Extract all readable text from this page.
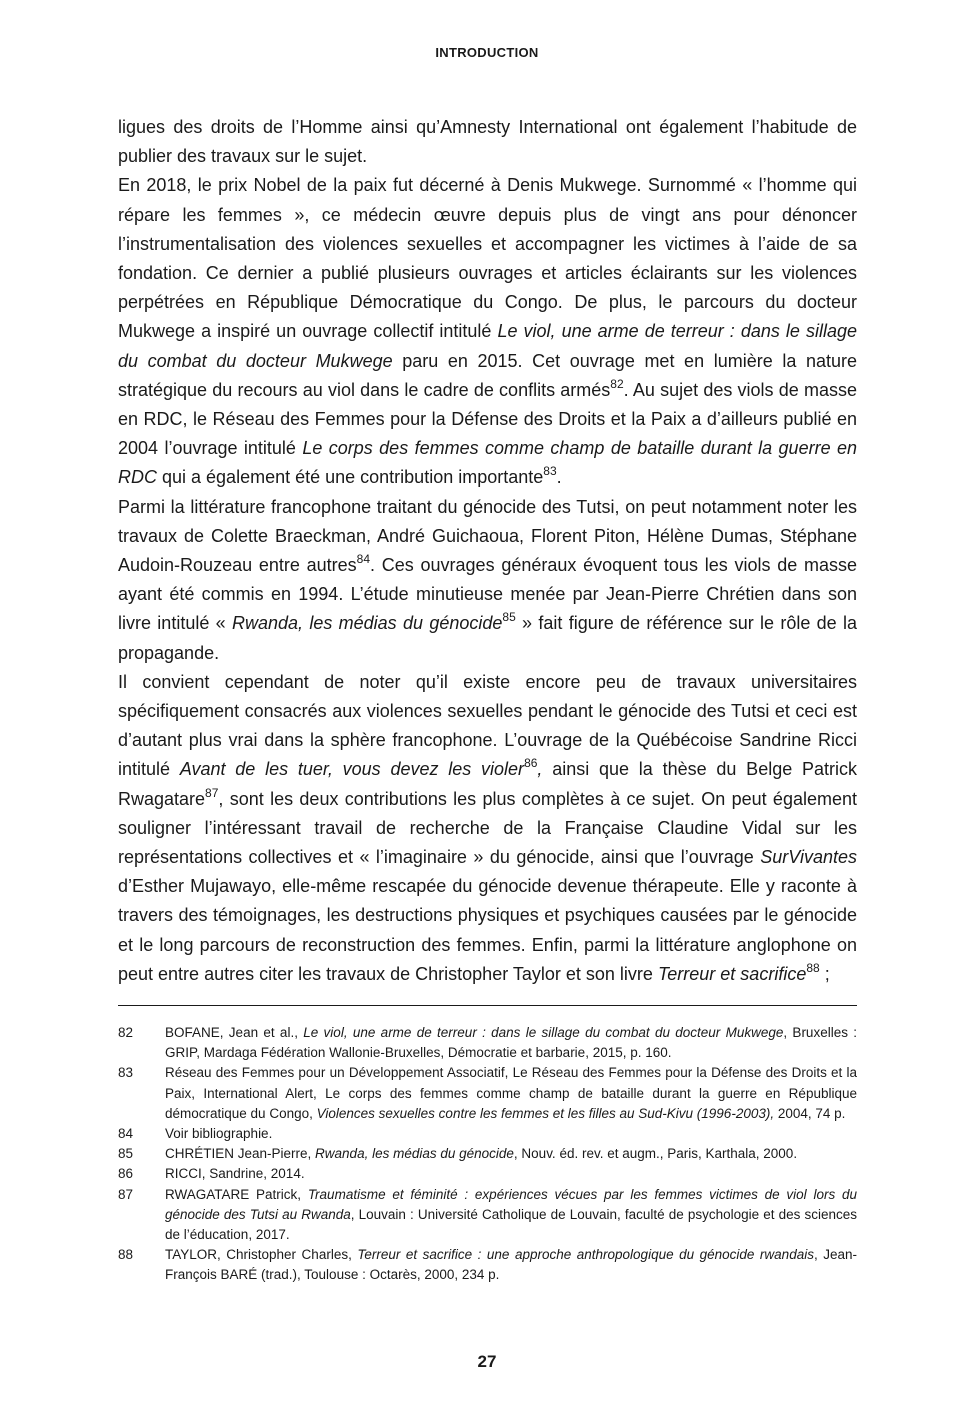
INTRODUCTION

ligues des droits de l’Homme ainsi qu’Amnesty International ont également l’habitude de publier des travaux sur le sujet.

En 2018, le prix Nobel de la paix fut décerné à Denis Mukwege. Surnommé « l’homme qui répare les femmes », ce médecin œuvre depuis plus de vingt ans pour dénoncer l’instrumentalisation des violences sexuelles et accompagner les victimes à l’aide de sa fondation. Ce dernier a publié plusieurs ouvrages et articles éclairants sur les violences perpétrées en République Démocratique du Congo. De plus, le parcours du docteur Mukwege a inspiré un ouvrage collectif intitulé Le viol, une arme de terreur : dans le sillage du combat du docteur Mukwege paru en 2015. Cet ouvrage met en lumière la nature stratégique du recours au viol dans le cadre de conflits armés$^{82}$. Au sujet des viols de masse en RDC, le Réseau des Femmes pour la Défense des Droits et la Paix a d’ailleurs publié en 2004 l’ouvrage intitulé Le corps des femmes comme champ de bataille durant la guerre en RDC qui a également été une contribution importante$^{83}$.

Parmi la littérature francophone traitant du génocide des Tutsi, on peut notamment noter les travaux de Colette Braeckman, André Guichaoua, Florent Piton, Hélène Dumas, Stéphane Audoin-Rouzeau entre autres$^{84}$. Ces ouvrages généraux évoquent tous les viols de masse ayant été commis en 1994. L’étude minutieuse menée par Jean-Pierre Chrétien dans son livre intitulé « Rwanda, les médias du génocide$^{85}$ » fait figure de référence sur le rôle de la propagande.

Il convient cependant de noter qu’il existe encore peu de travaux universitaires spécifiquement consacrés aux violences sexuelles pendant le génocide des Tutsi et ceci est d’autant plus vrai dans la sphère francophone. L’ouvrage de la Québécoise Sandrine Ricci intitulé Avant de les tuer, vous devez les violer$^{86}$, ainsi que la thèse du Belge Patrick Rwagatare$^{87}$, sont les deux contributions les plus complètes à ce sujet. On peut également souligner l’intéressant travail de recherche de la Française Claudine Vidal sur les représentations collectives et « l’imaginaire » du génocide, ainsi que l’ouvrage SurVivantes d’Esther Mujawayo, elle-même rescapée du génocide devenue thérapeute. Elle y raconte à travers des témoignages, les destructions physiques et psychiques causées par le génocide et le long parcours de reconstruction des femmes. Enfin, parmi la littérature anglophone on peut entre autres citer les travaux de Christopher Taylor et son livre Terreur et sacrifice$^{88}$ ;

82	BOFANE, Jean et al., Le viol, une arme de terreur : dans le sillage du combat du docteur Mukwege, Bruxelles : GRIP, Mardaga Fédération Wallonie-Bruxelles, Démocratie et barbarie, 2015, p. 160.
83	Réseau des Femmes pour un Développement Associatif, Le Réseau des Femmes pour la Défense des Droits et la Paix, International Alert, Le corps des femmes comme champ de bataille durant la guerre en République démocratique du Congo, Violences sexuelles contre les femmes et les filles au Sud-Kivu (1996-2003), 2004, 74 p.
84	Voir bibliographie.
85	CHRÉTIEN Jean-Pierre, Rwanda, les médias du génocide, Nouv. éd. rev. et augm., Paris, Karthala, 2000.
86	RICCI, Sandrine, 2014.
87	RWAGATARE Patrick, Traumatisme et féminité : expériences vécues par les femmes victimes de viol lors du génocide des Tutsi au Rwanda, Louvain : Université Catholique de Louvain, faculté de psychologie et des sciences de l’éducation, 2017.
88	TAYLOR, Christopher Charles, Terreur et sacrifice : une approche anthropologique du génocide rwandais, Jean-François BARÉ (trad.), Toulouse : Octarès, 2000, 234 p.
27
